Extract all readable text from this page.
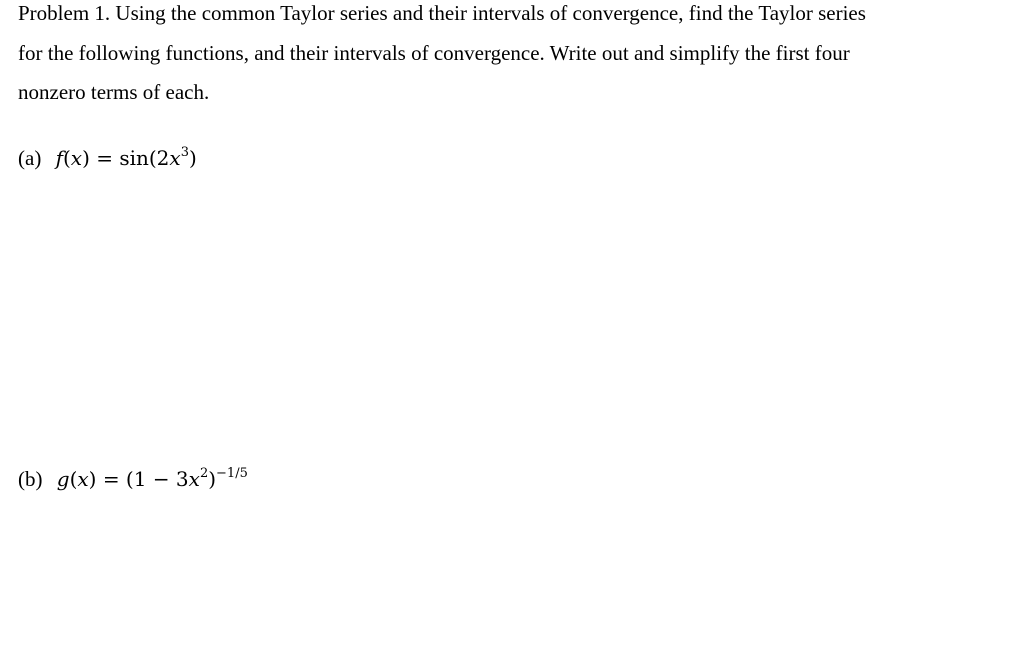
Problem 1. Using the common Taylor series and their intervals of convergence, find the Taylor series

for the following functions, and their intervals of convergence. Write out and simplify the first four

nonzero terms of each.

(a) $f(x) = \sin(2x^3)$
(b) $g(x) = (1 - 3x^2)^{-1/5}$
